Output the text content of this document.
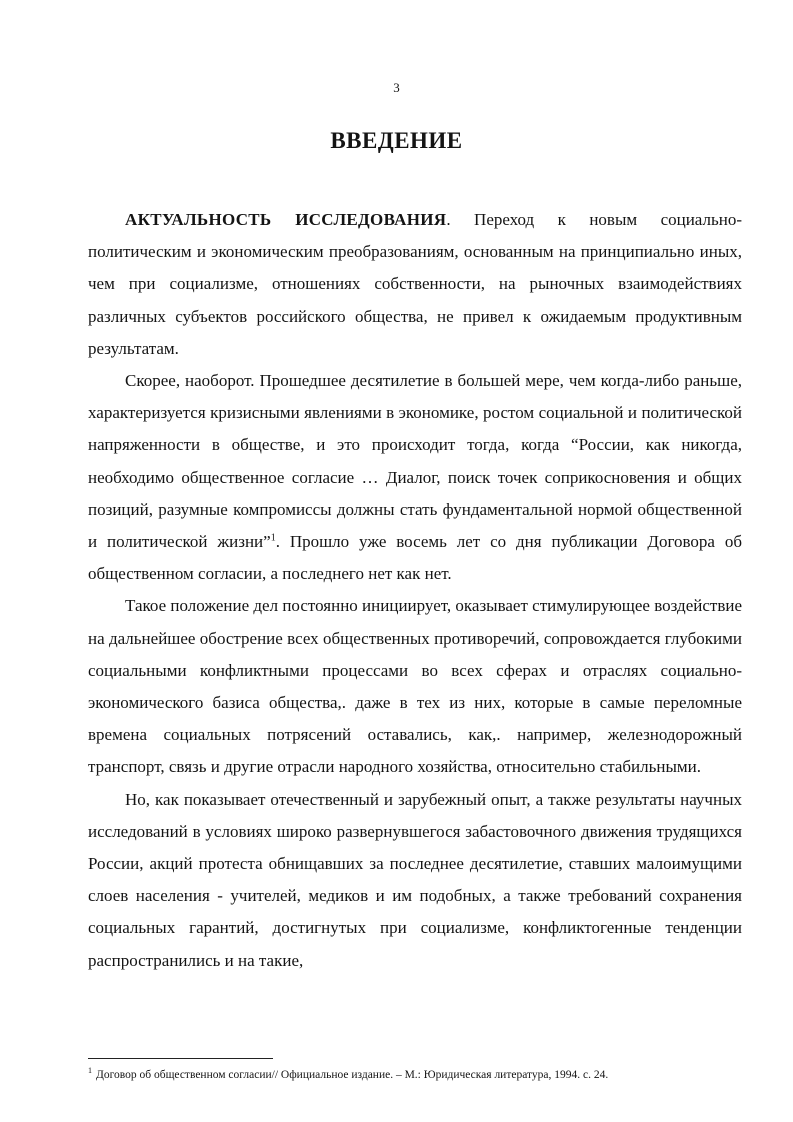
3
ВВЕДЕНИЕ

АКТУАЛЬНОСТЬ ИССЛЕДОВАНИЯ. Переход к новым социально-политическим и экономическим преобразованиям, основанным на принципиально иных, чем при социализме, отношениях собственности, на рыночных взаимодействиях различных субъектов российского общества, не привел к ожидаемым продуктивным результатам.

Скорее, наоборот. Прошедшее десятилетие в большей мере, чем когда-либо раньше, характеризуется кризисными явлениями в экономике, ростом социальной и политической напряженности в обществе, и это происходит тогда, когда “России, как никогда, необходимо общественное согласие … Диалог, поиск точек соприкосновения и общих позиций, разумные компромиссы должны стать фундаментальной нормой общественной и политической жизни”$^1$. Прошло уже восемь лет со дня публикации Договора об общественном согласии, а последнего нет как нет.

Такое положение дел постоянно инициирует, оказывает стимулирующее воздействие на дальнейшее обострение всех общественных противоречий, сопровождается глубокими социальными конфликтными процессами во всех сферах и отраслях социально-экономического базиса общества,. даже в тех из них, которые в самые переломные времена социальных потрясений оставались, как,. например, железнодорожный транспорт, связь и другие отрасли народного хозяйства, относительно стабильными.

Но, как показывает отечественный и зарубежный опыт, а также результаты научных исследований в условиях широко развернувшегося забастовочного движения трудящихся России, акций протеста обнищавших за последнее десятилетие, ставших малоимущими слоев населения - учителей, медиков и им подобных, а также требований сохранения социальных гарантий, достигнутых при социализме, конфликтогенные тенденции распространились и на такие,

$^1$ Договор об общественном согласии// Официальное издание. – М.: Юридическая литература, 1994. с. 24.
